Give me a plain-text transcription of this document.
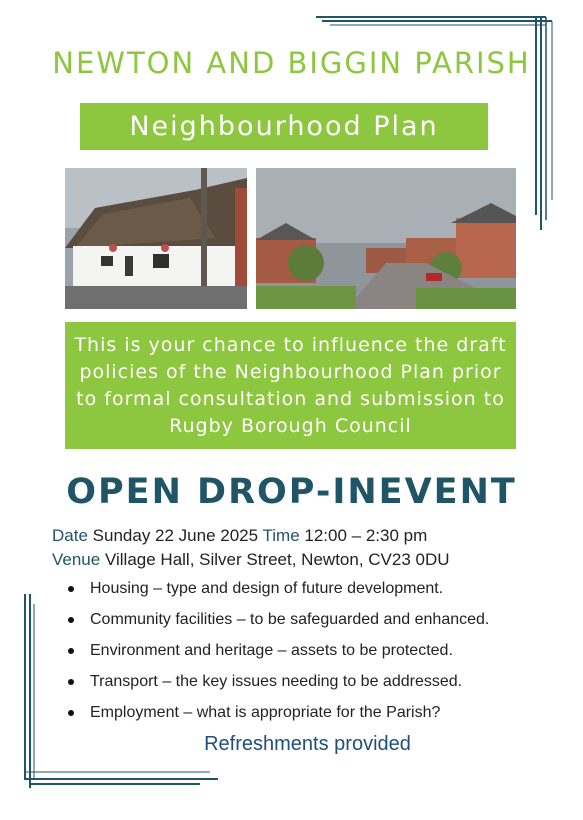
NEWTON AND BIGGIN PARISH
Neighbourhood Plan
This is your chance to influence the draft policies of the Neighbourhood Plan prior to formal consultation and submission to Rugby Borough Council
OPEN DROP-INEVENT
Date Sunday 22 June 2025 Time 12:00 – 2:30 pm
Venue Village Hall, Silver Street, Newton, CV23 0DU
Housing – type and design of future development.
Community facilities – to be safeguarded and enhanced.
Environment and heritage – assets to be protected.
Transport – the key issues needing to be addressed.
Employment – what is appropriate for the Parish?
Refreshments provided
